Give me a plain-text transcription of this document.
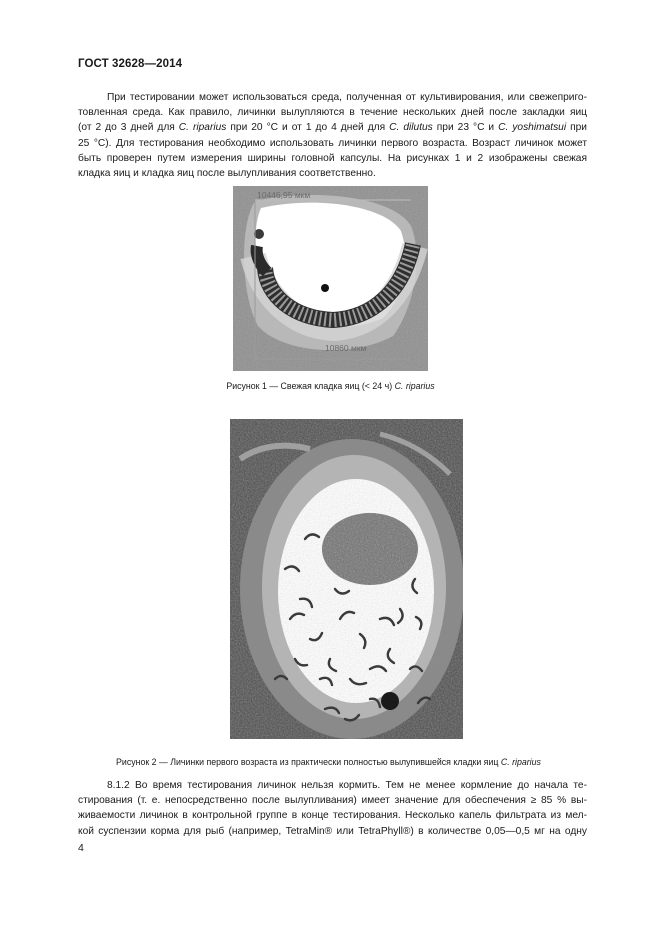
ГОСТ 32628—2014
При тестировании может использоваться среда, полученная от культивирования, или свежеприго-
товленная среда. Как правило, личинки вылупляются в течение нескольких дней после закладки яиц
(от 2 до 3 дней для C. riparius при 20 °С и от 1 до 4 дней для C. dilutus при 23 °С и C. yoshimatsui при
25 °С). Для тестирования необходимо использовать личинки первого возраста. Возраст личинок может
быть проверен путем измерения ширины головной капсулы. На рисунках 1 и 2 изображены свежая
кладка яиц и кладка яиц после вылупливания соответственно.
10446,95 мкм
10860 мкм
Рисунок 1 — Свежая кладка яиц (< 24 ч) C. riparius
Рисунок 2 — Личинки первого возраста из практически полностью вылупившейся кладки яиц C. riparius
8.1.2 Во время тестирования личинок нельзя кормить. Тем не менее кормление до начала те-
стирования (т. е. непосредственно после вылупливания) имеет значение для обеспечения ≥ 85 % вы-
живаемости личинок в контрольной группе в конце тестирования. Несколько капель фильтрата из мел-
кой суспензии корма для рыб (например, TetraMin® или TetraPhyll®) в количестве 0,05—0,5 мг на одну
4
